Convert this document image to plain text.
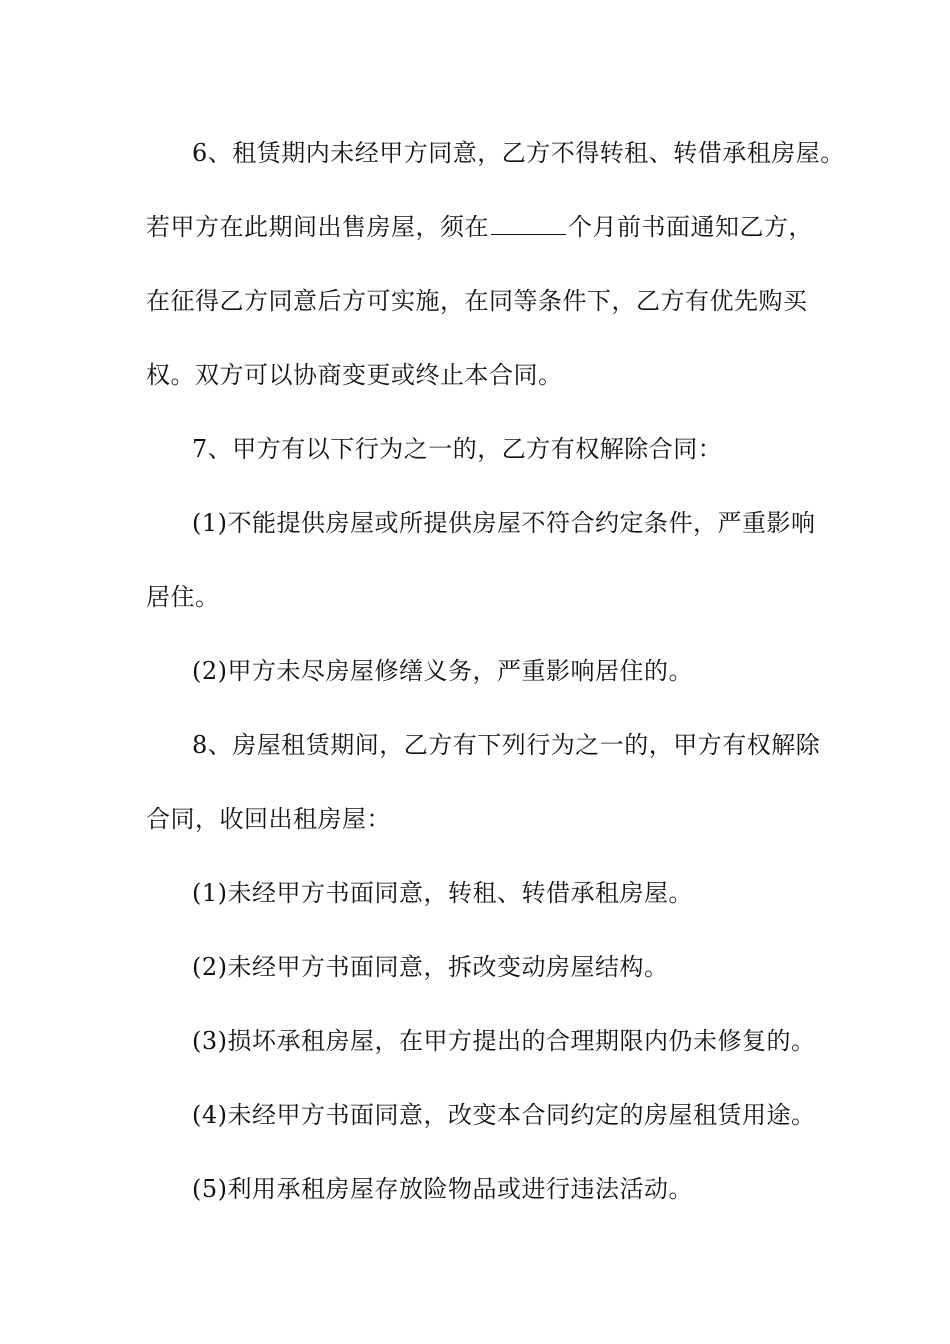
6、租赁期内未经甲方同意，乙方不得转租、转借承租房屋。
若甲方在此期间出售房屋，须在	个月前书面通知乙方，
在征得乙方同意后方可实施，在同等条件下，乙方有优先购买
权。双方可以协商变更或终止本合同。
7、甲方有以下行为之一的，乙方有权解除合同：
(1)不能提供房屋或所提供房屋不符合约定条件，严重影响
居住。
(2)甲方未尽房屋修缮义务，严重影响居住的。
8、房屋租赁期间，乙方有下列行为之一的，甲方有权解除
合同，收回出租房屋：
(1)未经甲方书面同意，转租、转借承租房屋。
(2)未经甲方书面同意，拆改变动房屋结构。
(3)损坏承租房屋，在甲方提出的合理期限内仍未修复的。
(4)未经甲方书面同意，改变本合同约定的房屋租赁用途。
(5)利用承租房屋存放险物品或进行违法活动。
